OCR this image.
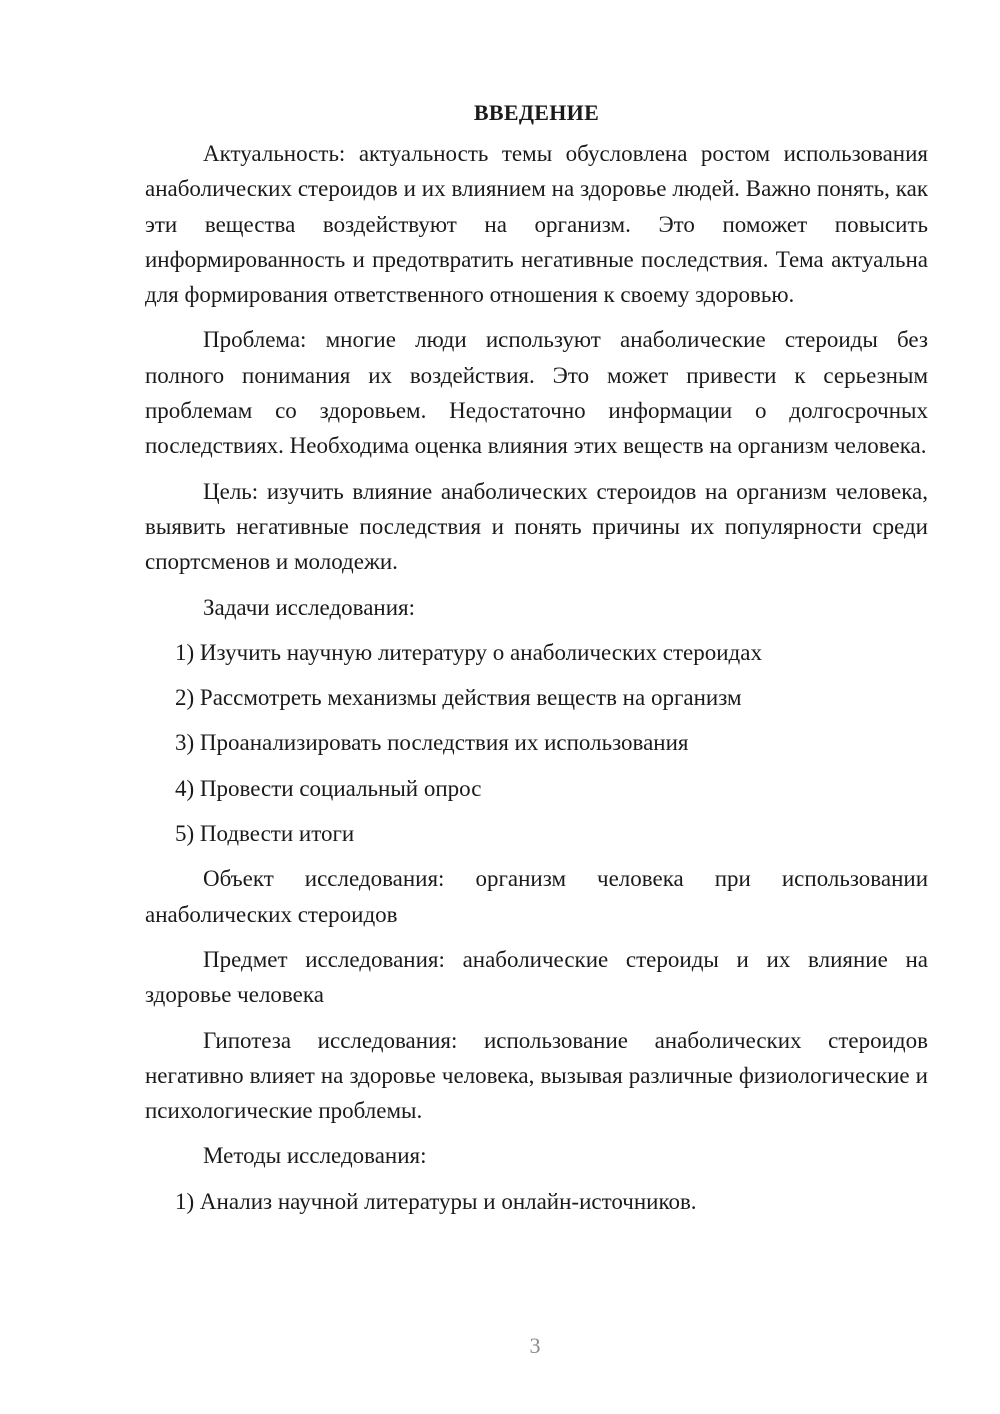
ВВЕДЕНИЕ

Актуальность: актуальность темы обусловлена ростом использования анаболических стероидов и их влиянием на здоровье людей. Важно понять, как эти вещества воздействуют на организм. Это поможет повысить информированность и предотвратить негативные последствия. Тема актуальна для формирования ответственного отношения к своему здоровью.

Проблема: многие люди используют анаболические стероиды без полного понимания их воздействия. Это может привести к серьезным проблемам со здоровьем. Недостаточно информации о долгосрочных последствиях. Необходима оценка влияния этих веществ на организм человека.

Цель: изучить влияние анаболических стероидов на организм человека, выявить негативные последствия и понять причины их популярности среди спортсменов и молодежи.

Задачи исследования:

1) Изучить научную литературу о анаболических стероидах
2) Рассмотреть механизмы действия веществ на организм
3) Проанализировать последствия их использования
4) Провести социальный опрос
5) Подвести итоги

Объект исследования: организм человека при использовании анаболических стероидов

Предмет исследования: анаболические стероиды и их влияние на здоровье человека

Гипотеза исследования: использование анаболических стероидов негативно влияет на здоровье человека, вызывая различные физиологические и психологические проблемы.

Методы исследования:

1) Анализ научной литературы и онлайн-источников.
3
